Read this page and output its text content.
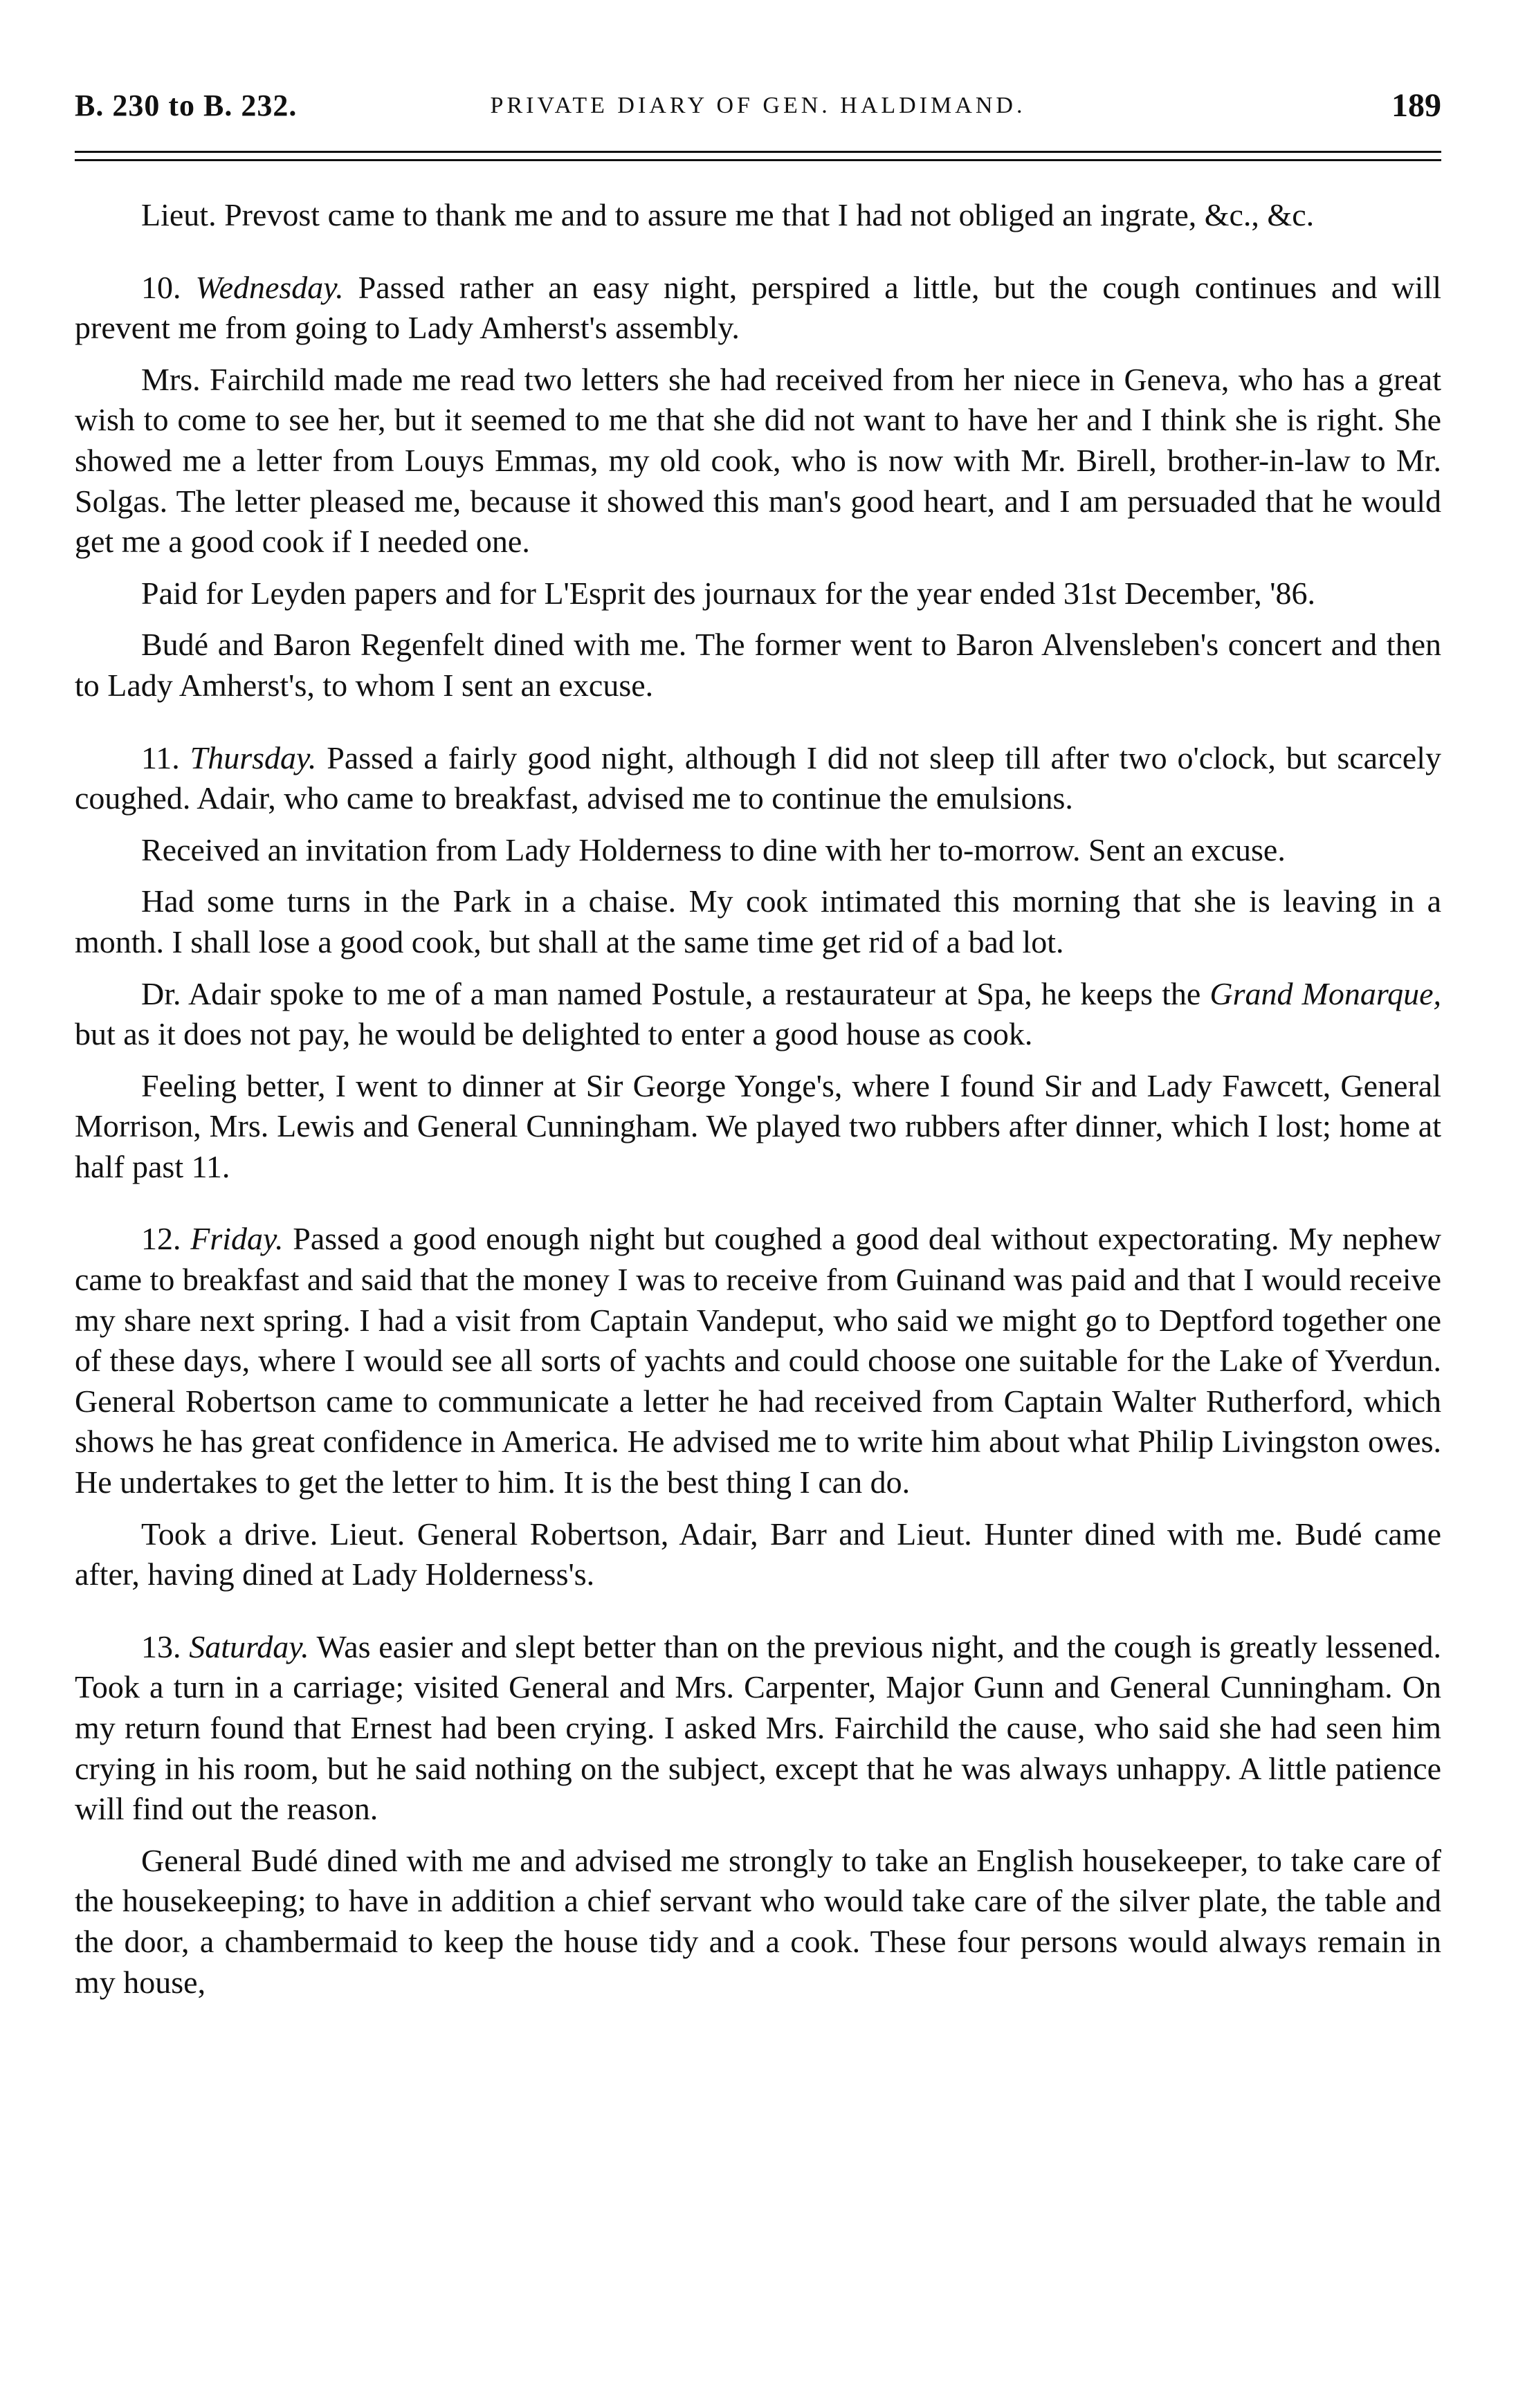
B. 230 to B. 232.	PRIVATE DIARY OF GEN. HALDIMAND.	189

Lieut. Prevost came to thank me and to assure me that I had not obliged an ingrate, &c., &c.

10. Wednesday. Passed rather an easy night, perspired a little, but the cough continues and will prevent me from going to Lady Amherst's assembly.

Mrs. Fairchild made me read two letters she had received from her niece in Geneva, who has a great wish to come to see her, but it seemed to me that she did not want to have her and I think she is right. She showed me a letter from Louys Emmas, my old cook, who is now with Mr. Birell, brother-in-law to Mr. Solgas. The letter pleased me, because it showed this man's good heart, and I am persuaded that he would get me a good cook if I needed one.

Paid for Leyden papers and for L'Esprit des journaux for the year ended 31st December, '86.

Budé and Baron Regenfelt dined with me. The former went to Baron Alvensleben's concert and then to Lady Amherst's, to whom I sent an excuse.

11. Thursday. Passed a fairly good night, although I did not sleep till after two o'clock, but scarcely coughed. Adair, who came to breakfast, advised me to continue the emulsions.

Received an invitation from Lady Holderness to dine with her to-morrow. Sent an excuse.

Had some turns in the Park in a chaise. My cook intimated this morning that she is leaving in a month. I shall lose a good cook, but shall at the same time get rid of a bad lot.

Dr. Adair spoke to me of a man named Postule, a restaurateur at Spa, he keeps the Grand Monarque, but as it does not pay, he would be delighted to enter a good house as cook.

Feeling better, I went to dinner at Sir George Yonge's, where I found Sir and Lady Fawcett, General Morrison, Mrs. Lewis and General Cunningham. We played two rubbers after dinner, which I lost; home at half past 11.

12. Friday. Passed a good enough night but coughed a good deal without expectorating. My nephew came to breakfast and said that the money I was to receive from Guinand was paid and that I would receive my share next spring. I had a visit from Captain Vandeput, who said we might go to Deptford together one of these days, where I would see all sorts of yachts and could choose one suitable for the Lake of Yverdun. General Robertson came to communicate a letter he had received from Captain Walter Rutherford, which shows he has great confidence in America. He advised me to write him about what Philip Livingston owes. He undertakes to get the letter to him. It is the best thing I can do.

Took a drive. Lieut. General Robertson, Adair, Barr and Lieut. Hunter dined with me. Budé came after, having dined at Lady Holderness's.

13. Saturday. Was easier and slept better than on the previous night, and the cough is greatly lessened. Took a turn in a carriage; visited General and Mrs. Carpenter, Major Gunn and General Cunningham. On my return found that Ernest had been crying. I asked Mrs. Fairchild the cause, who said she had seen him crying in his room, but he said nothing on the subject, except that he was always unhappy. A little patience will find out the reason.

General Budé dined with me and advised me strongly to take an English housekeeper, to take care of the housekeeping; to have in addition a chief servant who would take care of the silver plate, the table and the door, a chambermaid to keep the house tidy and a cook. These four persons would always remain in my house,
